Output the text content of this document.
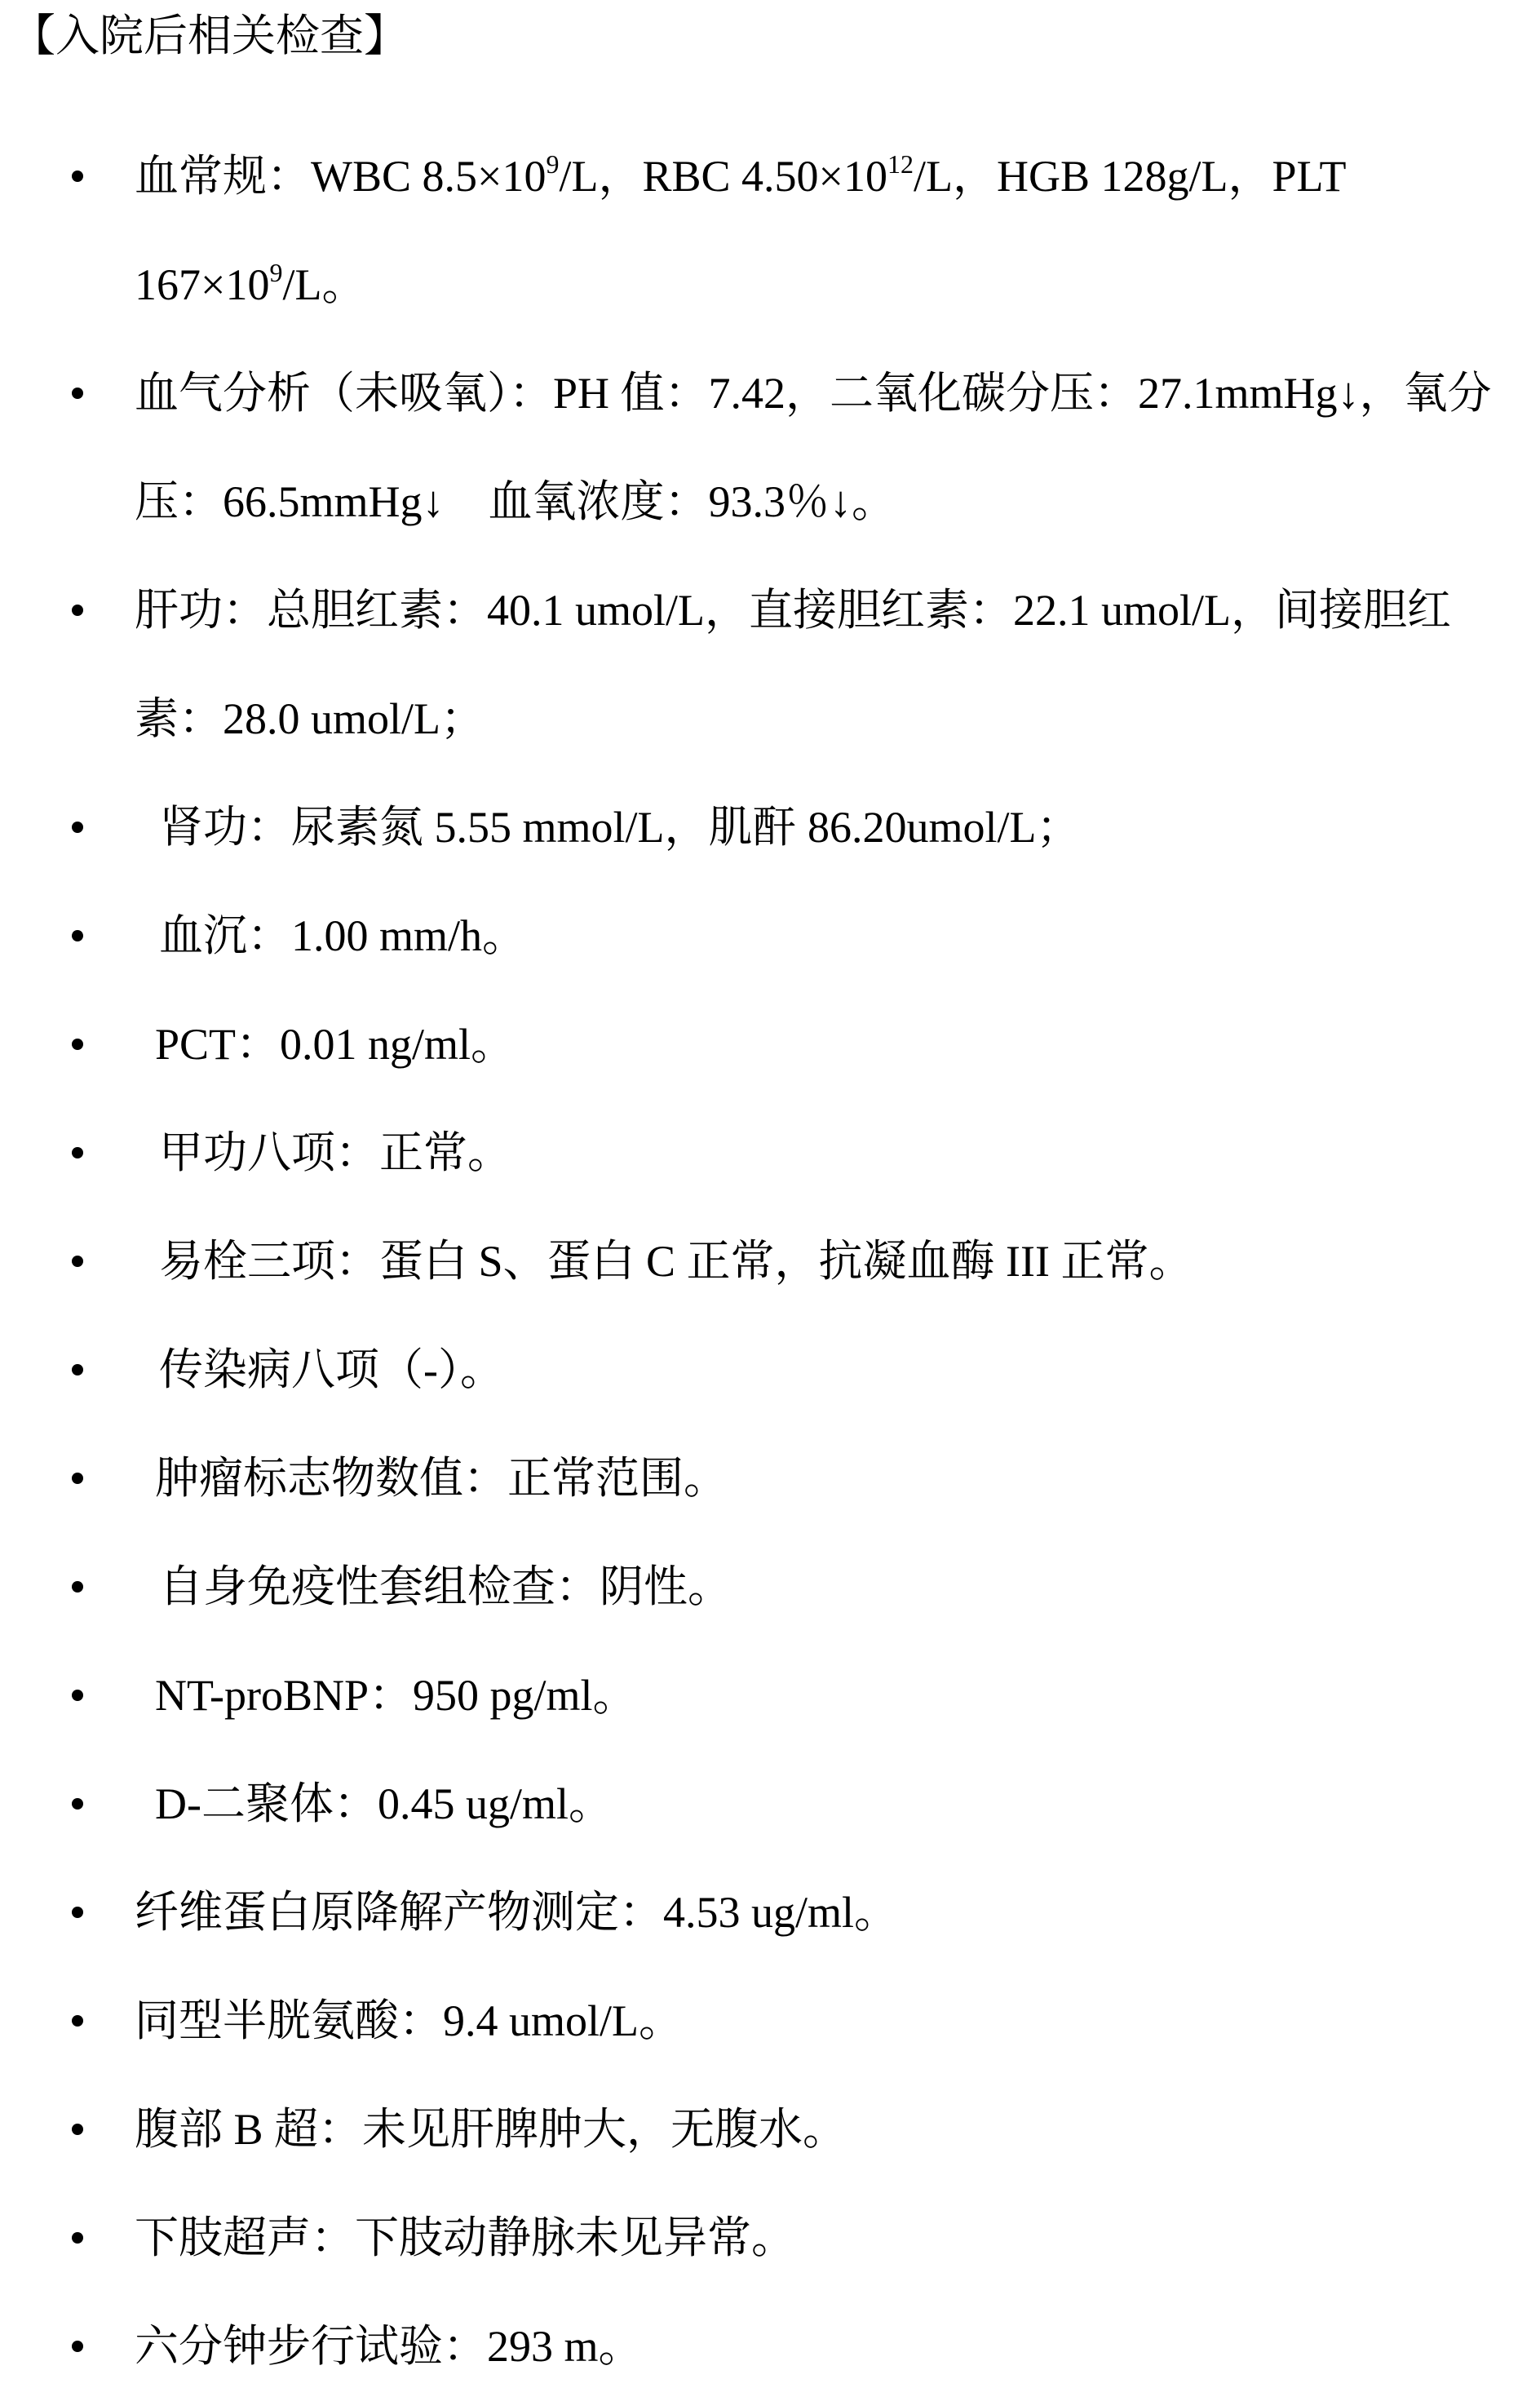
【入院后相关检查】
血常规：WBC $8.5\times 10^9/L$，RBC $4.50\times 10^{12}/L$，HGB 128g/L，PLT $167\times 10^9/L$。
血气分析（未吸氧）：PH 值：7.42，二氧化碳分压：27.1mmHg↓，氧分压：66.5mmHg↓　血氧浓度：93.3％↓。
肝功：总胆红素：40.1 umol/L，直接胆红素：22.1 umol/L，间接胆红素：28.0 umol/L；
肾功：尿素氮 5.55 mmol/L，肌酐 86.20umol/L；
血沉：1.00 mm/h。
PCT：0.01 ng/ml。
甲功八项：正常。
易栓三项：蛋白 S、蛋白 C 正常，抗凝血酶 III 正常。
传染病八项（-）。
肿瘤标志物数值：正常范围。
自身免疫性套组检查：阴性。
NT-proBNP：950 pg/ml。
D-二聚体：0.45 ug/ml。
纤维蛋白原降解产物测定：4.53 ug/ml。
同型半胱氨酸：9.4 umol/L。
腹部 B 超：未见肝脾肿大，无腹水。
下肢超声：下肢动静脉未见异常。
六分钟步行试验：293 m。
